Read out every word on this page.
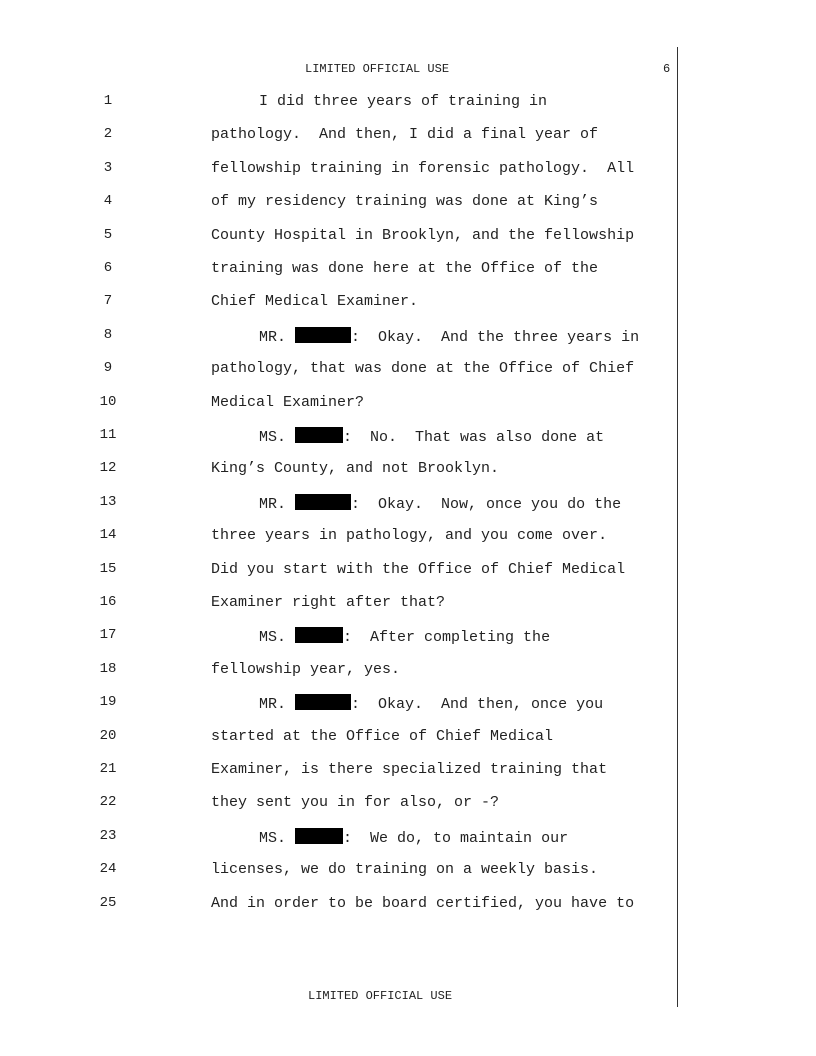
LIMITED OFFICIAL USE	6
1	I did three years of training in
2	pathology.  And then, I did a final year of
3	fellowship training in forensic pathology.  All
4	of my residency training was done at King’s
5	County Hospital in Brooklyn, and the fellowship
6	training was done here at the Office of the
7	Chief Medical Examiner.
8	MR.	:  Okay.  And the three years in
9	pathology, that was done at the Office of Chief
10	Medical Examiner?
11	MS.	:  No.  That was also done at
12	King’s County, and not Brooklyn.
13	MR.	:  Okay.  Now, once you do the
14	three years in pathology, and you come over.
15	Did you start with the Office of Chief Medical
16	Examiner right after that?
17	MS.	:  After completing the
18	fellowship year, yes.
19	MR.	:  Okay.  And then, once you
20	started at the Office of Chief Medical
21	Examiner, is there specialized training that
22	they sent you in for also, or -?
23	MS.	:  We do, to maintain our
24	licenses, we do training on a weekly basis.
25	And in order to be board certified, you have to
LIMITED OFFICIAL USE
